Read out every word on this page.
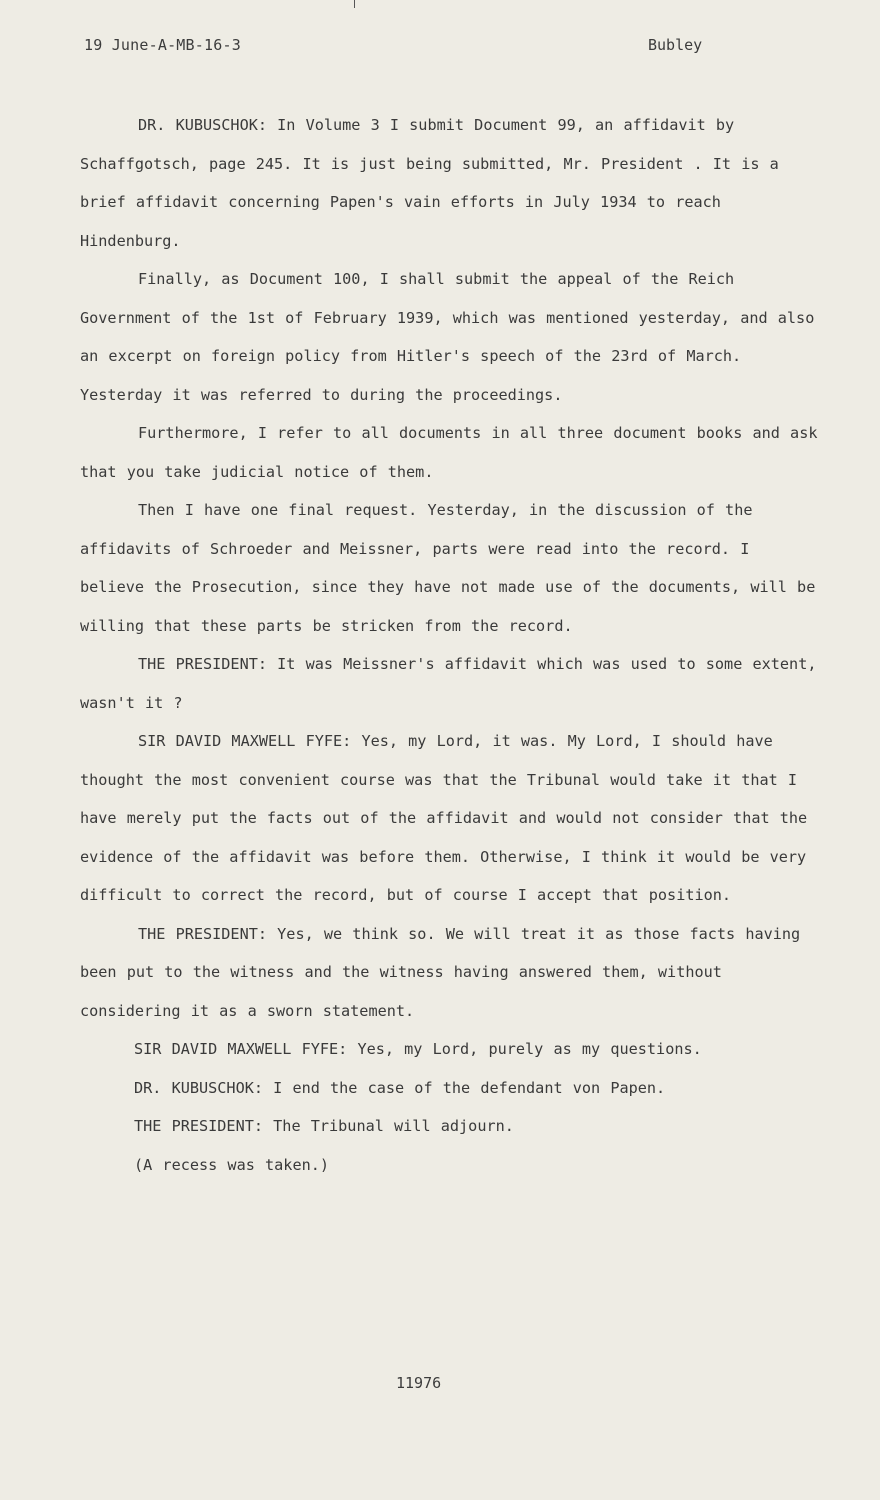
19 June-A-MB-16-3	Bubley

DR. KUBUSCHOK: In Volume 3 I submit Document 99, an affidavit by Schaffgotsch, page 245. It is just being submitted, Mr. President . It is a brief affidavit concerning Papen's vain efforts in July 1934 to reach Hindenburg.

Finally, as Document 100, I shall submit the appeal of the Reich Government of the 1st of February 1939, which was mentioned yesterday, and also an excerpt on foreign policy from Hitler's speech of the 23rd of March. Yesterday it was referred to during the proceedings.

Furthermore, I refer to all documents in all three document books and ask that you take judicial notice of them.

Then I have one final request. Yesterday, in the discussion of the affidavits of Schroeder and Meissner, parts were read into the record. I believe the Prosecution, since they have not made use of the documents, will be willing that these parts be stricken from the record.

THE PRESIDENT: It was Meissner's affidavit which was used to some extent, wasn't it ?

SIR DAVID MAXWELL FYFE: Yes, my Lord, it was. My Lord, I should have thought the most convenient course was that the Tribunal would take it that I have merely put the facts out of the affidavit and would not consider that the evidence of the affidavit was before them. Otherwise, I think it would be very difficult to correct the record, but of course I accept that position.

THE PRESIDENT: Yes, we think so. We will treat it as those facts having been put to the witness and the witness having answered them, without considering it as a sworn statement.

SIR DAVID MAXWELL FYFE: Yes, my Lord, purely as my questions.

DR. KUBUSCHOK: I end the case of the defendant von Papen.

THE PRESIDENT: The Tribunal will adjourn.

(A recess was taken.)

11976
